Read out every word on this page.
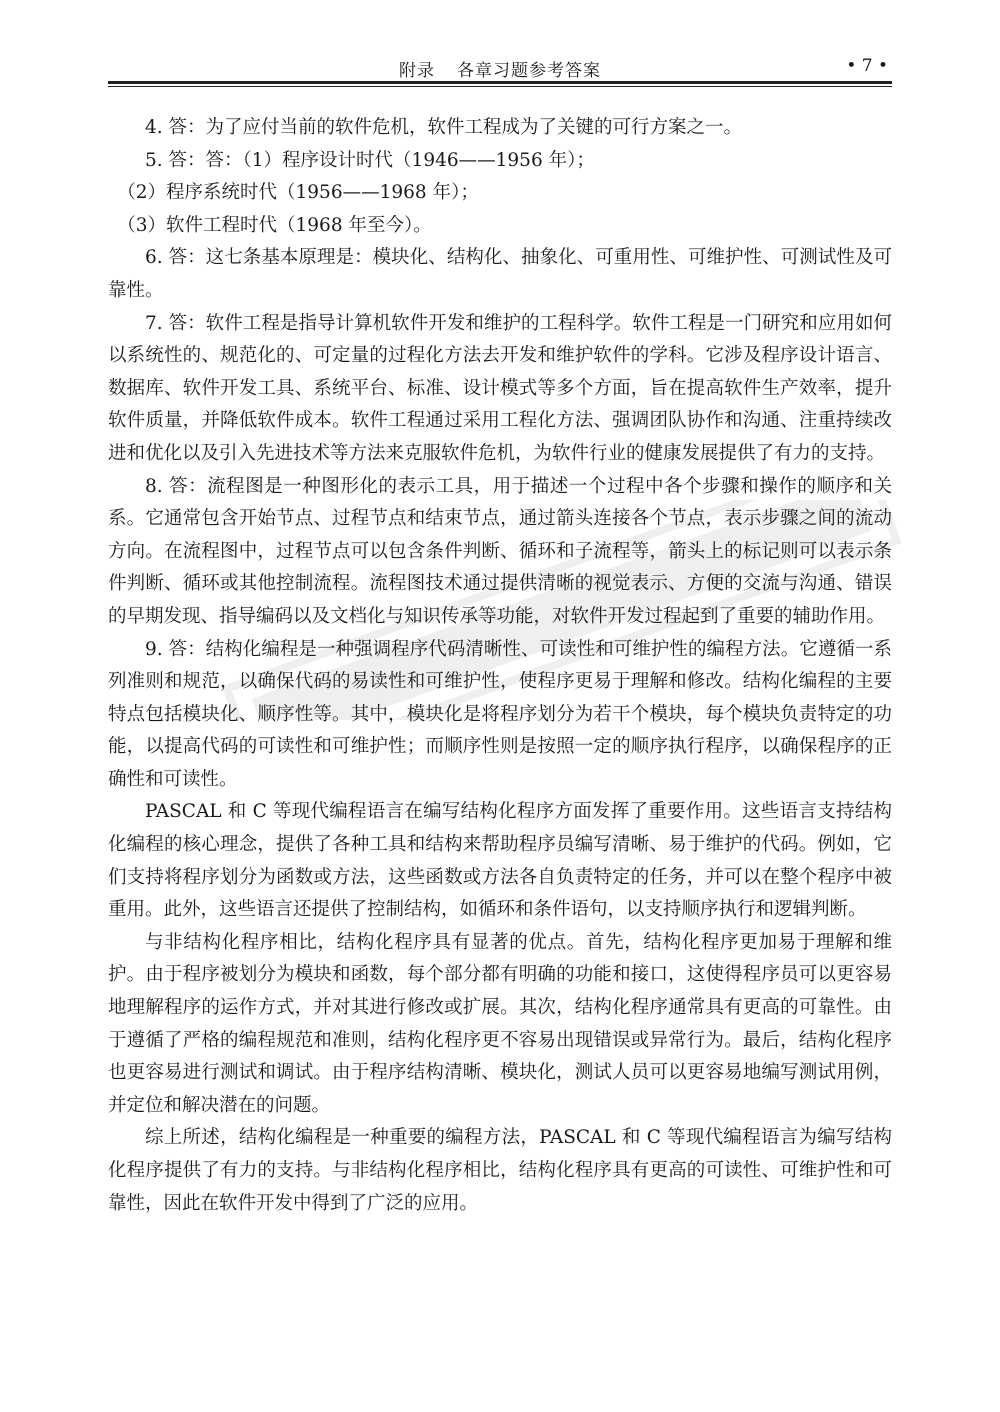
附录 各章习题参考答案	• 7 •

4. 答：为了应付当前的软件危机，软件工程成为了关键的可行方案之一。

5. 答：答：（1）程序设计时代（1946——1956 年）；

（2）程序系统时代（1956——1968 年）；

（3）软件工程时代（1968 年至今）。

6. 答：这七条基本原理是：模块化、结构化、抽象化、可重用性、可维护性、可测试性及可靠性。

7. 答：软件工程是指导计算机软件开发和维护的工程科学。软件工程是一门研究和应用如何以系统性的、规范化的、可定量的过程化方法去开发和维护软件的学科。它涉及程序设计语言、数据库、软件开发工具、系统平台、标准、设计模式等多个方面，旨在提高软件生产效率，提升软件质量，并降低软件成本。软件工程通过采用工程化方法、强调团队协作和沟通、注重持续改进和优化以及引入先进技术等方法来克服软件危机，为软件行业的健康发展提供了有力的支持。

8. 答：流程图是一种图形化的表示工具，用于描述一个过程中各个步骤和操作的顺序和关系。它通常包含开始节点、过程节点和结束节点，通过箭头连接各个节点，表示步骤之间的流动方向。在流程图中，过程节点可以包含条件判断、循环和子流程等，箭头上的标记则可以表示条件判断、循环或其他控制流程。流程图技术通过提供清晰的视觉表示、方便的交流与沟通、错误的早期发现、指导编码以及文档化与知识传承等功能，对软件开发过程起到了重要的辅助作用。

9. 答：结构化编程是一种强调程序代码清晰性、可读性和可维护性的编程方法。它遵循一系列准则和规范，以确保代码的易读性和可维护性，使程序更易于理解和修改。结构化编程的主要特点包括模块化、顺序性等。其中，模块化是将程序划分为若干个模块，每个模块负责特定的功能，以提高代码的可读性和可维护性；而顺序性则是按照一定的顺序执行程序，以确保程序的正确性和可读性。

PASCAL 和 C 等现代编程语言在编写结构化程序方面发挥了重要作用。这些语言支持结构化编程的核心理念，提供了各种工具和结构来帮助程序员编写清晰、易于维护的代码。例如，它们支持将程序划分为函数或方法，这些函数或方法各自负责特定的任务，并可以在整个程序中被重用。此外，这些语言还提供了控制结构，如循环和条件语句，以支持顺序执行和逻辑判断。

与非结构化程序相比，结构化程序具有显著的优点。首先，结构化程序更加易于理解和维护。由于程序被划分为模块和函数，每个部分都有明确的功能和接口，这使得程序员可以更容易地理解程序的运作方式，并对其进行修改或扩展。其次，结构化程序通常具有更高的可靠性。由于遵循了严格的编程规范和准则，结构化程序更不容易出现错误或异常行为。最后，结构化程序也更容易进行测试和调试。由于程序结构清晰、模块化，测试人员可以更容易地编写测试用例，并定位和解决潜在的问题。

综上所述，结构化编程是一种重要的编程方法，PASCAL 和 C 等现代编程语言为编写结构化程序提供了有力的支持。与非结构化程序相比，结构化程序具有更高的可读性、可维护性和可靠性，因此在软件开发中得到了广泛的应用。
